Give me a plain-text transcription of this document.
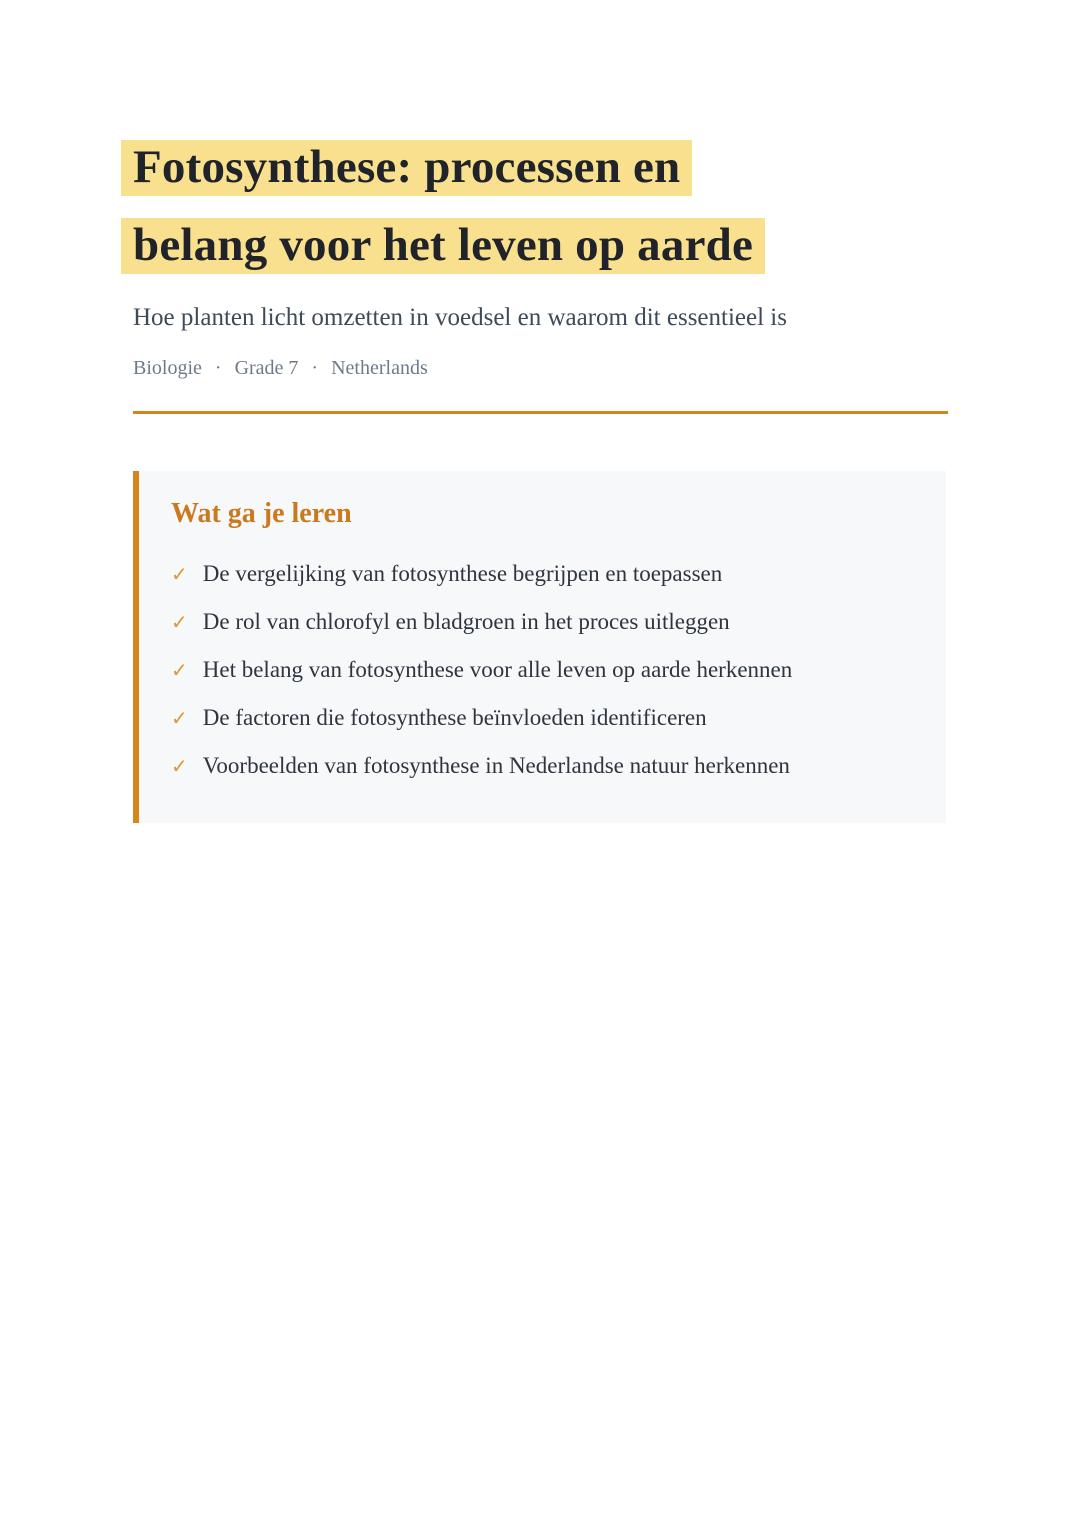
Fotosynthese: processen en
belang voor het leven op aarde

Hoe planten licht omzetten in voedsel en waarom dit essentieel is

Biologie · Grade 7 · Netherlands
Wat ga je leren
✓ De vergelijking van fotosynthese begrijpen en toepassen
✓ De rol van chlorofyl en bladgroen in het proces uitleggen
✓ Het belang van fotosynthese voor alle leven op aarde herkennen
✓ De factoren die fotosynthese beïnvloeden identificeren
✓ Voorbeelden van fotosynthese in Nederlandse natuur herkennen
